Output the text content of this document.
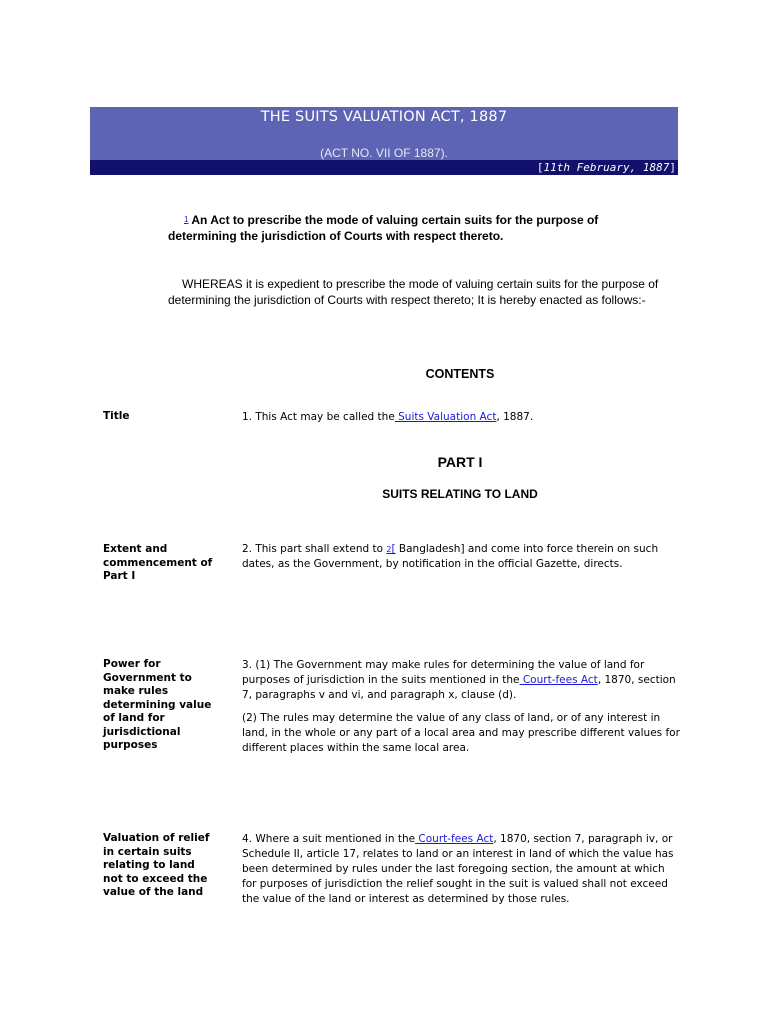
THE SUITS VALUATION ACT, 1887
(ACT NO. VII OF 1887).
[11th February, 1887]
$^1$ An Act to prescribe the mode of valuing certain suits for the purpose of determining the jurisdiction of Courts with respect thereto.
WHEREAS it is expedient to prescribe the mode of valuing certain suits for the purpose of determining the jurisdiction of Courts with respect thereto; It is hereby enacted as follows:-
CONTENTS
Title	1. This Act may be called the Suits Valuation Act, 1887.
PART I
SUITS RELATING TO LAND
Extent and commencement of Part I
2. This part shall extend to $^2$[ Bangladesh] and come into force therein on such dates, as the Government, by notification in the official Gazette, directs.
Power for Government to make rules determining value of land for jurisdictional purposes

3. (1) The Government may make rules for determining the value of land for purposes of jurisdiction in the suits mentioned in the Court-fees Act, 1870, section 7, paragraphs v and vi, and paragraph x, clause (d).

(2) The rules may determine the value of any class of land, or of any interest in land, in the whole or any part of a local area and may prescribe different values for different places within the same local area.

Valuation of relief in certain suits relating to land not to exceed the value of the land
4. Where a suit mentioned in the Court-fees Act, 1870, section 7, paragraph iv, or Schedule II, article 17, relates to land or an interest in land of which the value has been determined by rules under the last foregoing section, the amount at which for purposes of jurisdiction the relief sought in the suit is valued shall not exceed the value of the land or interest as determined by those rules.
